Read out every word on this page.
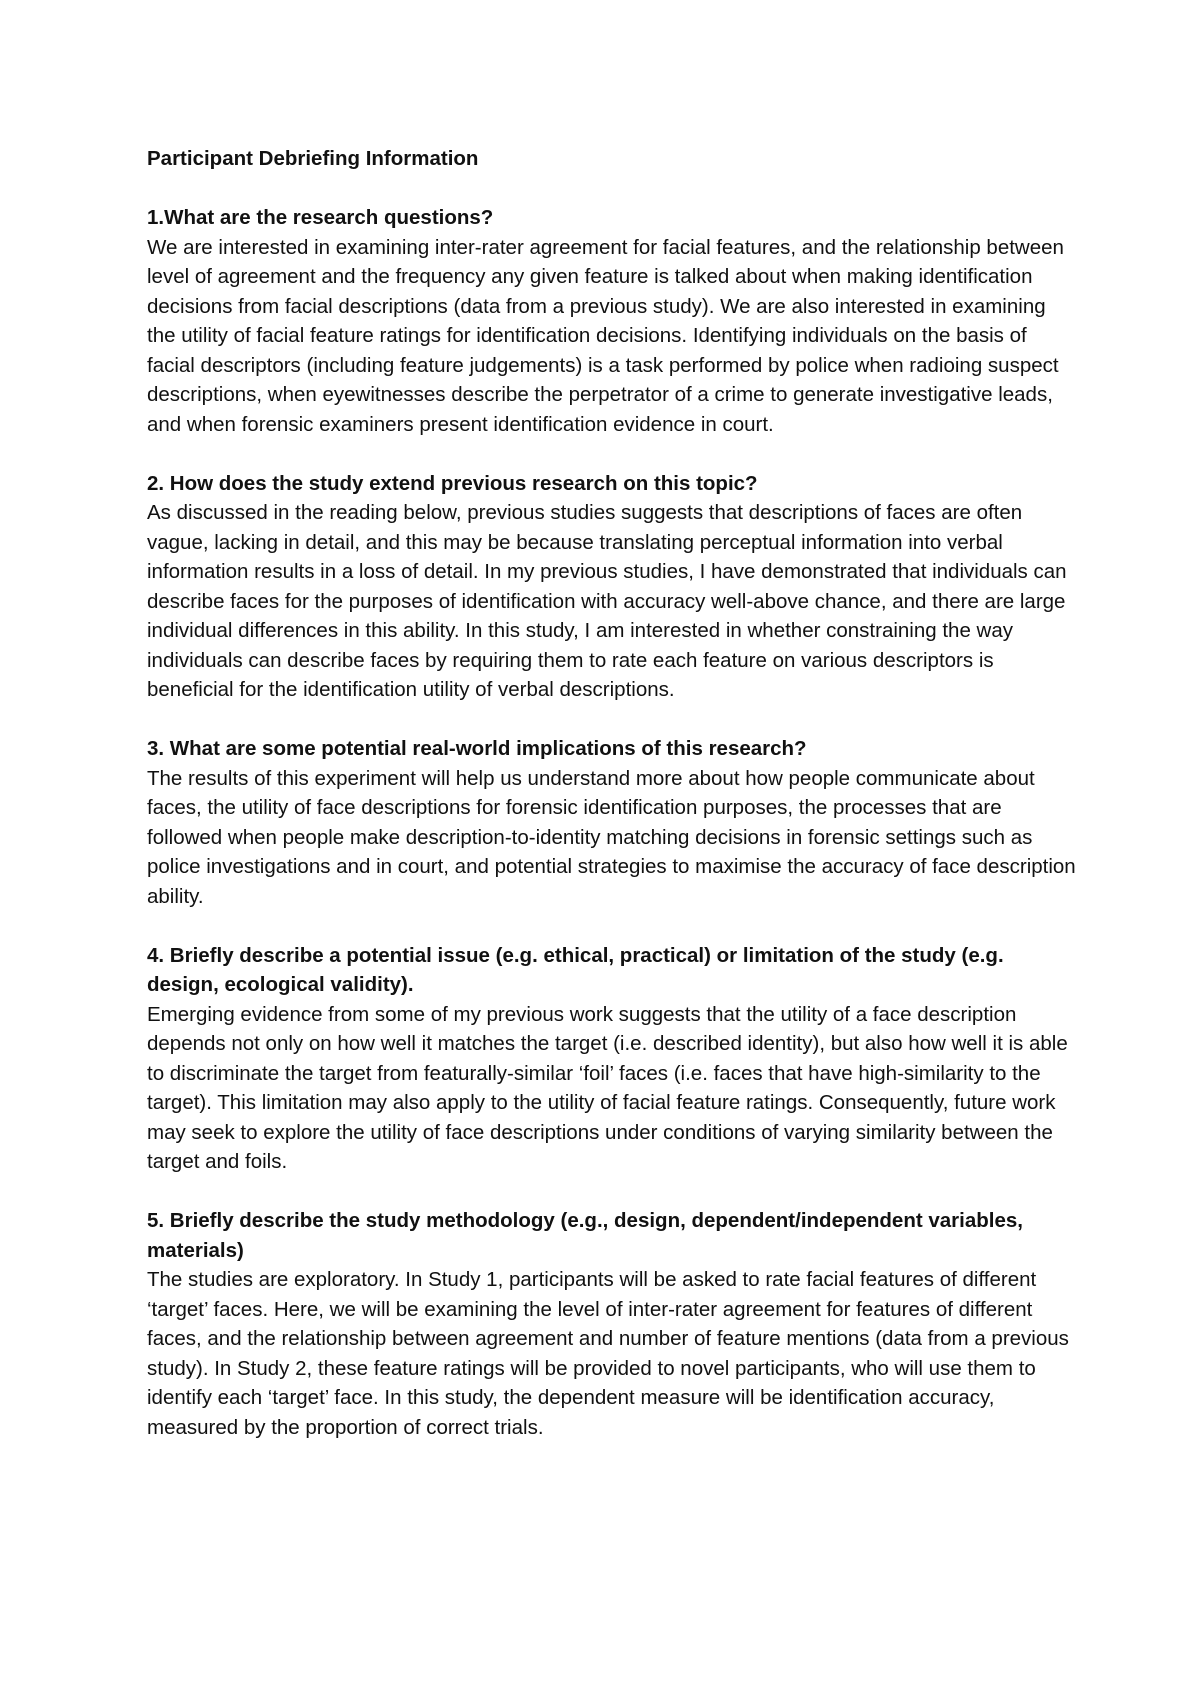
Participant Debriefing Information

1.What are the research questions?

We are interested in examining inter-rater agreement for facial features, and the relationship between level of agreement and the frequency any given feature is talked about when making identification decisions from facial descriptions (data from a previous study). We are also interested in examining the utility of facial feature ratings for identification decisions. Identifying individuals on the basis of facial descriptors (including feature judgements) is a task performed by police when radioing suspect descriptions, when eyewitnesses describe the perpetrator of a crime to generate investigative leads, and when forensic examiners present identification evidence in court.

2. How does the study extend previous research on this topic?

As discussed in the reading below, previous studies suggests that descriptions of faces are often vague, lacking in detail, and this may be because translating perceptual information into verbal information results in a loss of detail. In my previous studies, I have demonstrated that individuals can describe faces for the purposes of identification with accuracy well-above chance, and there are large individual differences in this ability. In this study, I am interested in whether constraining the way individuals can describe faces by requiring them to rate each feature on various descriptors is beneficial for the identification utility of verbal descriptions.

3. What are some potential real-world implications of this research?

The results of this experiment will help us understand more about how people communicate about faces, the utility of face descriptions for forensic identification purposes, the processes that are followed when people make description-to-identity matching decisions in forensic settings such as police investigations and in court, and potential strategies to maximise the accuracy of face description ability.

4. Briefly describe a potential issue (e.g. ethical, practical) or limitation of the study (e.g. design, ecological validity).

Emerging evidence from some of my previous work suggests that the utility of a face description depends not only on how well it matches the target (i.e. described identity), but also how well it is able to discriminate the target from featurally-similar ‘foil’ faces (i.e. faces that have high-similarity to the target). This limitation may also apply to the utility of facial feature ratings. Consequently, future work may seek to explore the utility of face descriptions under conditions of varying similarity between the target and foils.

5. Briefly describe the study methodology (e.g., design, dependent/independent variables, materials)

The studies are exploratory. In Study 1, participants will be asked to rate facial features of different ‘target’ faces. Here, we will be examining the level of inter-rater agreement for features of different faces, and the relationship between agreement and number of feature mentions (data from a previous study). In Study 2, these feature ratings will be provided to novel participants, who will use them to identify each ‘target’ face. In this study, the dependent measure will be identification accuracy, measured by the proportion of correct trials.
